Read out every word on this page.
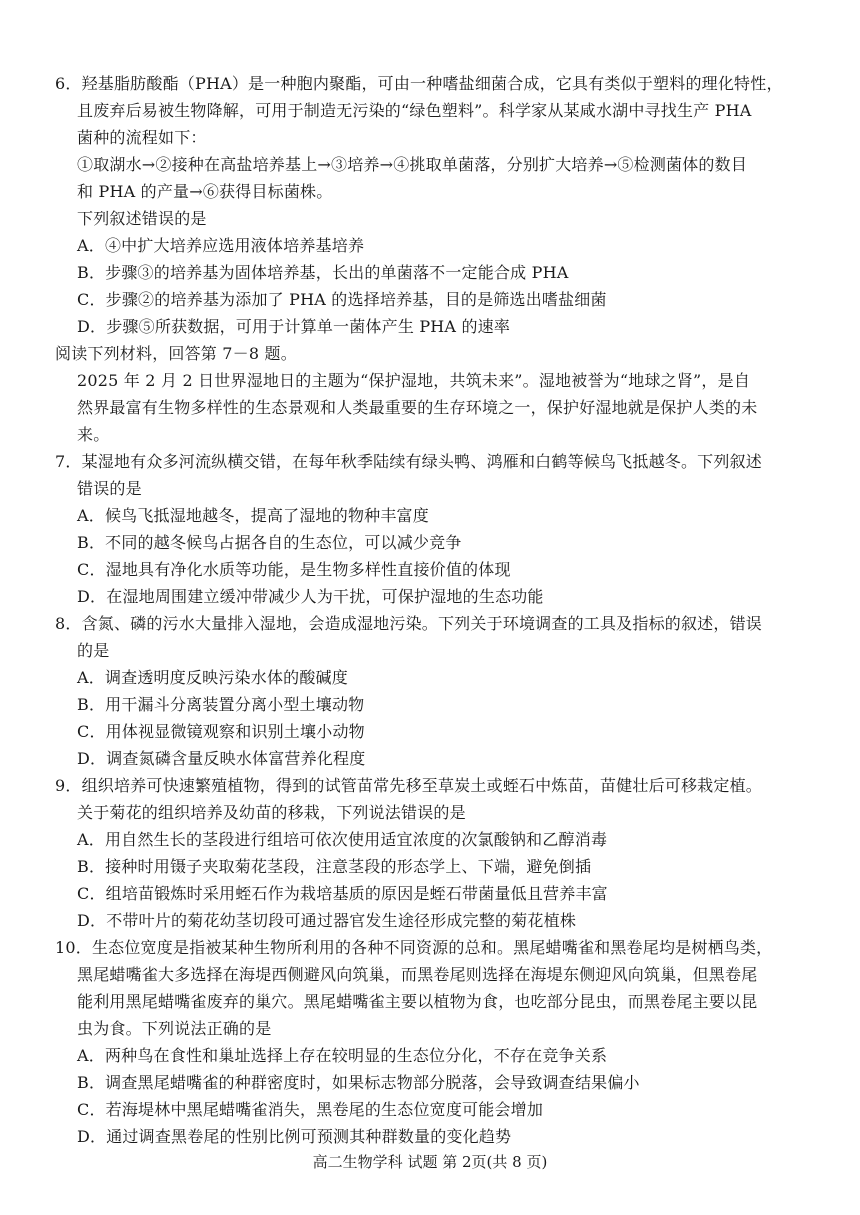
6．羟基脂肪酸酯（PHA）是一种胞内聚酯，可由一种嗜盐细菌合成，它具有类似于塑料的理化特性，
且废弃后易被生物降解，可用于制造无污染的“绿色塑料”。科学家从某咸水湖中寻找生产 PHA
菌种的流程如下：
①取湖水→②接种在高盐培养基上→③培养→④挑取单菌落，分别扩大培养→⑤检测菌体的数目
和 PHA 的产量→⑥获得目标菌株。
下列叙述错误的是
A．④中扩大培养应选用液体培养基培养
B．步骤③的培养基为固体培养基，长出的单菌落不一定能合成 PHA
C．步骤②的培养基为添加了 PHA 的选择培养基，目的是筛选出嗜盐细菌
D．步骤⑤所获数据，可用于计算单一菌体产生 PHA 的速率
阅读下列材料，回答第 7－8 题。
2025 年 2 月 2 日世界湿地日的主题为“保护湿地，共筑未来”。湿地被誉为“地球之肾”，是自
然界最富有生物多样性的生态景观和人类最重要的生存环境之一，保护好湿地就是保护人类的未
来。
7．某湿地有众多河流纵横交错，在每年秋季陆续有绿头鸭、鸿雁和白鹤等候鸟飞抵越冬。下列叙述
错误的是
A．候鸟飞抵湿地越冬，提高了湿地的物种丰富度
B．不同的越冬候鸟占据各自的生态位，可以减少竞争
C．湿地具有净化水质等功能，是生物多样性直接价值的体现
D．在湿地周围建立缓冲带减少人为干扰，可保护湿地的生态功能
8．含氮、磷的污水大量排入湿地，会造成湿地污染。下列关于环境调查的工具及指标的叙述，错误
的是
A．调查透明度反映污染水体的酸碱度
B．用干漏斗分离装置分离小型土壤动物
C．用体视显微镜观察和识别土壤小动物
D．调查氮磷含量反映水体富营养化程度
9．组织培养可快速繁殖植物，得到的试管苗常先移至草炭土或蛭石中炼苗，苗健壮后可移栽定植。
关于菊花的组织培养及幼苗的移栽，下列说法错误的是
A．用自然生长的茎段进行组培可依次使用适宜浓度的次氯酸钠和乙醇消毒
B．接种时用镊子夹取菊花茎段，注意茎段的形态学上、下端，避免倒插
C．组培苗锻炼时采用蛭石作为栽培基质的原因是蛭石带菌量低且营养丰富
D．不带叶片的菊花幼茎切段可通过器官发生途径形成完整的菊花植株
10．生态位宽度是指被某种生物所利用的各种不同资源的总和。黑尾蜡嘴雀和黑卷尾均是树栖鸟类，
黑尾蜡嘴雀大多选择在海堤西侧避风向筑巢，而黑卷尾则选择在海堤东侧迎风向筑巢，但黑卷尾
能利用黑尾蜡嘴雀废弃的巢穴。黑尾蜡嘴雀主要以植物为食，也吃部分昆虫，而黑卷尾主要以昆
虫为食。下列说法正确的是
A．两种鸟在食性和巢址选择上存在较明显的生态位分化，不存在竞争关系
B．调查黑尾蜡嘴雀的种群密度时，如果标志物部分脱落，会导致调查结果偏小
C．若海堤林中黑尾蜡嘴雀消失，黑卷尾的生态位宽度可能会增加
D．通过调查黑卷尾的性别比例可预测其种群数量的变化趋势
高二生物学科 试题 第 2页(共 8 页)
